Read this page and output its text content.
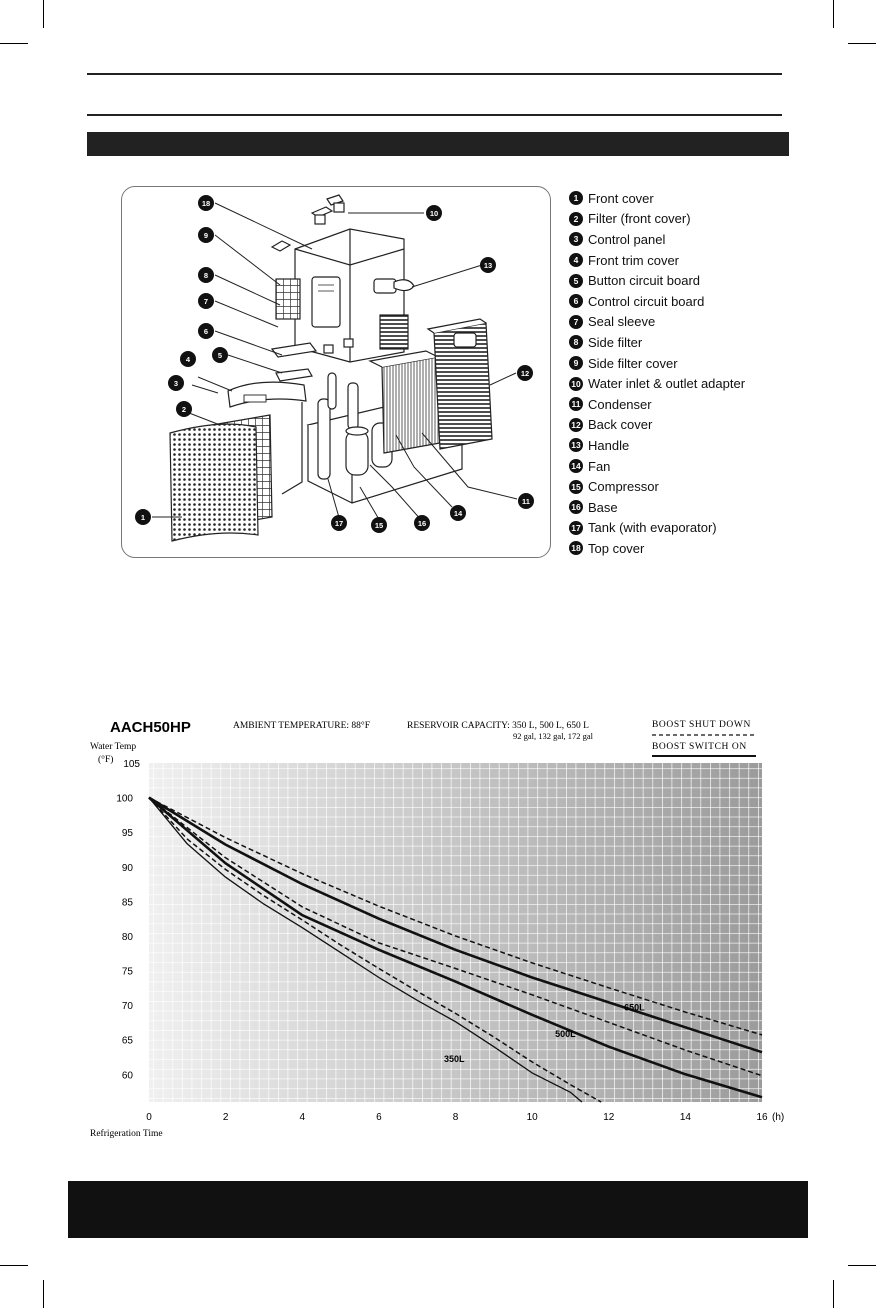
18
9
8
7
6
5
4
3
2
1
10
13
12
11
14
16
15
17
1 Front cover
2 Filter (front cover)
3 Control panel
4 Front trim cover
5 Button circuit board
6 Control circuit board
7 Seal sleeve
8 Side filter
9 Side filter cover
10 Water inlet & outlet adapter
11 Condenser
12 Back cover
13 Handle
14 Fan
15 Compressor
16 Base
17 Tank (with evaporator)
18 Top cover
0	2	4	6	8	10	12	14	16
60
65
70
75
80
85
90
95
100
105
650L
500L
350L
AACH50HP	AMBIENT TEMPERATURE: 88°F	RESERVOIR CAPACITY: 350 L, 500 L, 650 L
92 gal, 132 gal, 172 gal
BOOST SHUT DOWN
BOOST SWITCH ON
Water Temp
(°F)
Refrigeration Time
(h)
